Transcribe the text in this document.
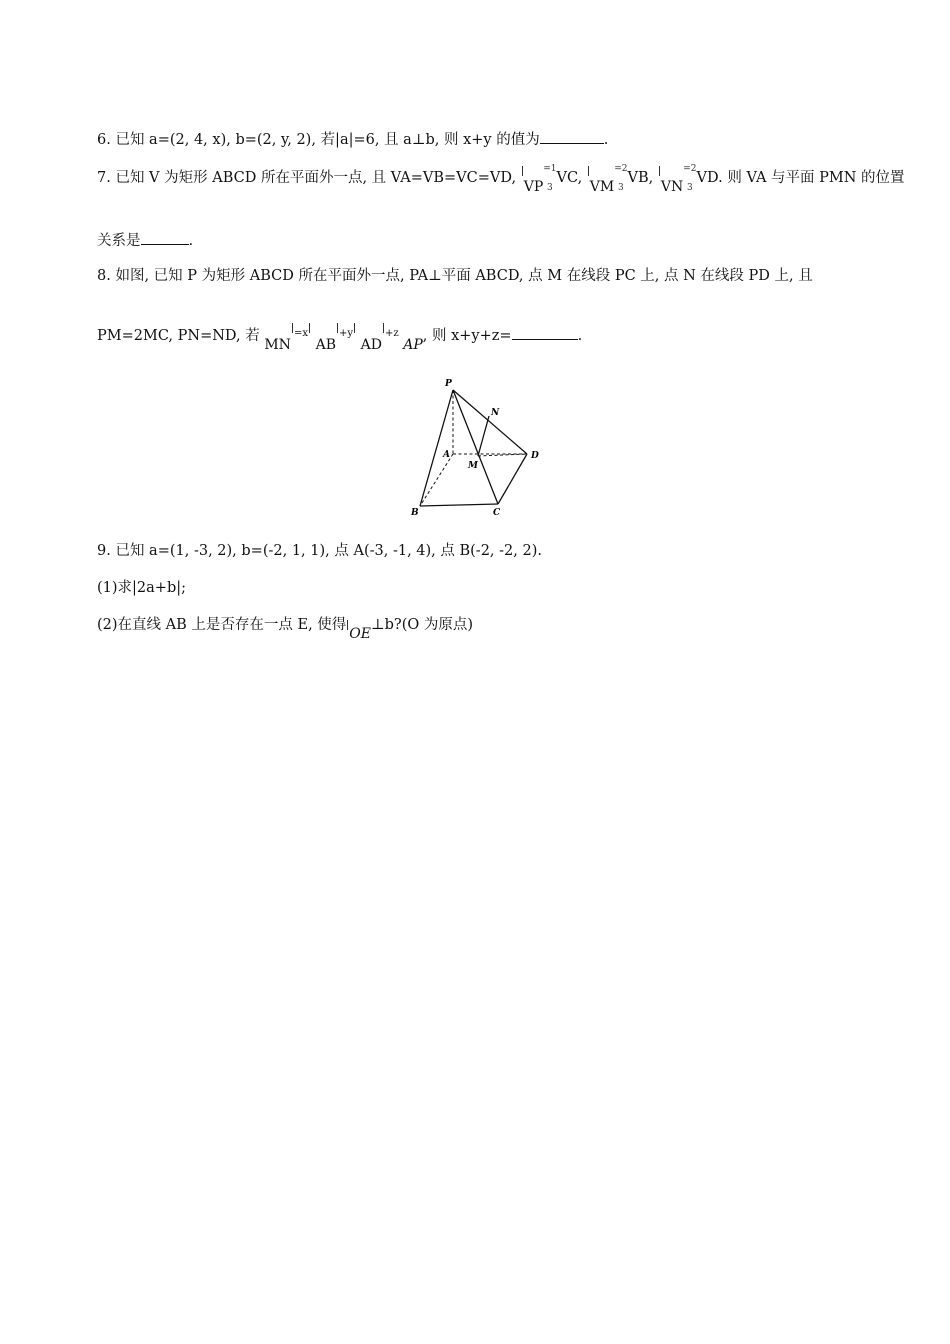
6. 已知 a=(2, 4, x), b=(2, y, 2), 若|a|=6, 且 a⊥b, 则 x+y 的值为	.
7. 已知 V 为矩形 ABCD 所在平面外一点, 且 VA=VB=VC=VD, VP
=1
3
VC, VM
=2
3
VB, VN
=2
3
VD. 则 VA 与平面 PMN 的位置
关系是	.
8. 如图, 已知 P 为矩形 ABCD 所在平面外一点, PA⊥平面 ABCD, 点 M 在线段 PC 上, 点 N 在线段 PD 上, 且
PM=2MC, PN=ND, 若 $MN^{=x}$ $AB^{+y}$ $AD^{+z}$ AP, 则 x+y+z=	.
P
N
A
M
D
B	C
9. 已知 a=(1, -3, 2), b=(-2, 1, 1), 点 A(-3, -1, 4), 点 B(-2, -2, 2).
(1)求|2a+b|;
(2)在直线 AB 上是否存在一点 E, 使得OE⊥b?(O 为原点)
